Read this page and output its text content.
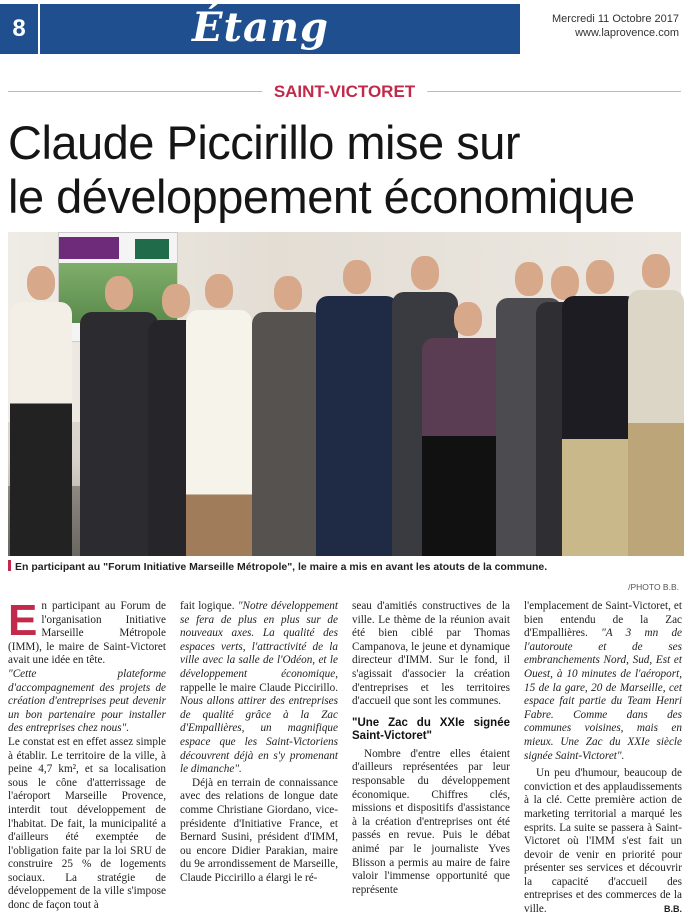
8	Étang	Mercredi 11 Octobre 2017
www.laprovence.com
SAINT-VICTORET
Claude Piccirillo mise sur
le développement économique
En participant au "Forum Initiative Marseille Métropole", le maire a mis en avant les atouts de la commune.
/PHOTO B.B.
E n participant au Forum de l'organisation Initiative Marseille Métropole (IMM), le maire de Saint-Victoret avait une idée en tête.

"Cette plateforme d'accompagnement des projets de création d'entreprises peut devenir un bon partenaire pour installer des entreprises chez nous".

Le constat est en effet assez simple à établir. Le territoire de la ville, à peine 4,7 km², et sa localisation sous le cône d'atterrissage de l'aéroport Marseille Provence, interdit tout développement de l'habitat. De fait, la municipalité a d'ailleurs été exemptée de l'obligation faite par la loi SRU de construire 25 % de logements sociaux. La stratégie de développement de la ville s'impose donc de façon tout à

fait logique. "Notre développement se fera de plus en plus sur de nouveaux axes. La qualité des espaces verts, l'attractivité de la ville avec la salle de l'Odéon, et le développement économique, rappelle le maire Claude Piccirillo. Nous allons attirer des entreprises de qualité grâce à la Zac d'Empallières, un magnifique espace que les Saint-Victoriens découvrent déjà en s'y promenant le dimanche".

Déjà en terrain de connaissance avec des relations de longue date comme Christiane Giordano, vice-présidente d'Initiative France, et Bernard Susini, président d'IMM, ou encore Didier Parakian, maire du 9e arrondissement de Marseille, Claude Piccirillo a élargi le ré-

seau d'amitiés constructives de la ville. Le thème de la réunion avait été bien ciblé par Thomas Campanova, le jeune et dynamique directeur d'IMM. Sur le fond, il s'agissait d'associer la création d'entreprises et les territoires d'accueil que sont les communes.

"Une Zac du XXIe signée Saint-Victoret"

Nombre d'entre elles étaient d'ailleurs représentées par leur responsable du développement économique. Chiffres clés, missions et dispositifs d'assistance à la création d'entreprises ont été passés en revue. Puis le débat animé par le journaliste Yves Blisson a permis au maire de faire valoir l'immense opportunité que représente

l'emplacement de Saint-Victoret, et bien entendu de la Zac d'Empallières. "A 3 mn de l'autoroute et de ses embranchements Nord, Sud, Est et Ouest, à 10 minutes de l'aéroport, 15 de la gare, 20 de Marseille, cet espace fait partie du Team Henri Fabre. Comme dans des communes voisines, mais en mieux. Une Zac du XXIe siècle signée Saint-Victoret".

Un peu d'humour, beaucoup de conviction et des applaudissements à la clé. Cette première action de marketing territorial a marqué les esprits. La suite se passera à Saint-Victoret où l'IMM s'est fait un devoir de venir en priorité pour présenter ses services et découvrir la capacité d'accueil des entreprises et des commerces de la ville.	B.B.
